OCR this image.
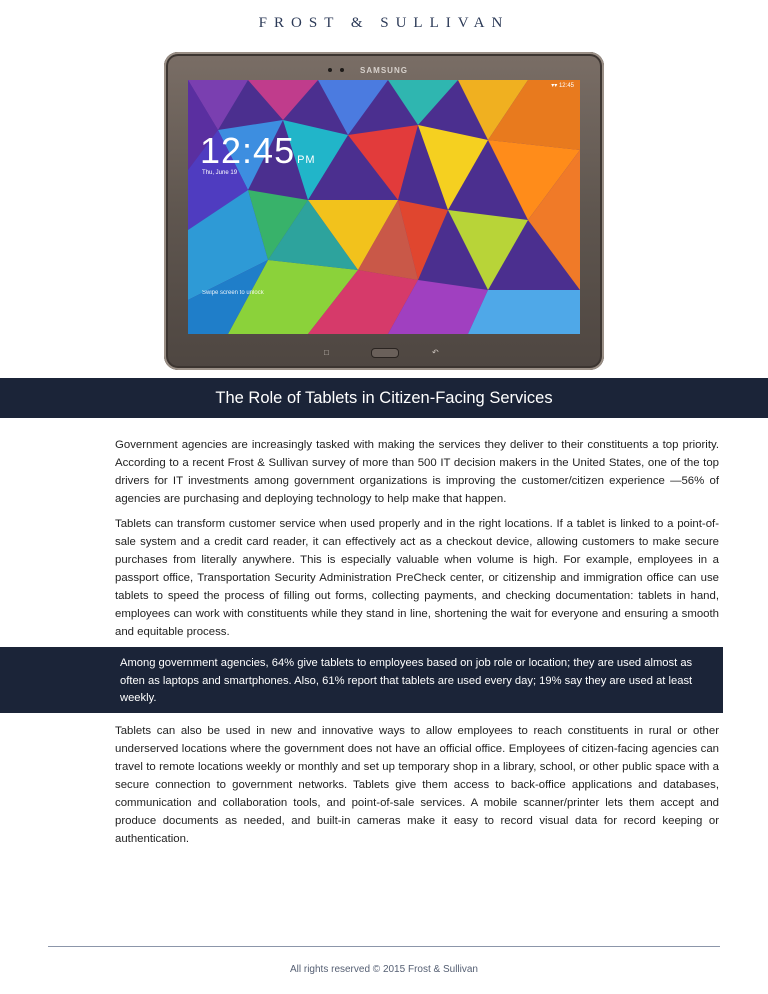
FROST & SULLIVAN
SAMSUNG
▾▾ 12:45
12:45 PM
Thu, June 19
Swipe screen to unlock
□	↶
The Role of Tablets in Citizen-Facing Services

Government agencies are increasingly tasked with making the services they deliver to their constituents a top priority. According to a recent Frost & Sullivan survey of more than 500 IT decision makers in the United States, one of the top drivers for IT investments among government organizations is improving the customer/citizen experience —56% of agencies are purchasing and deploying technology to help make that happen.

Tablets can transform customer service when used properly and in the right locations. If a tablet is linked to a point-of-sale system and a credit card reader, it can effectively act as a checkout device, allowing customers to make secure purchases from literally anywhere. This is especially valuable when volume is high. For example, employees in a passport office, Transportation Security Administration PreCheck center, or citizenship and immigration office can use tablets to speed the process of filling out forms, collecting payments, and checking documentation: tablets in hand, employees can work with constituents while they stand in line, shortening the wait for everyone and ensuring a smooth and equitable process.

Among government agencies, 64% give tablets to employees based on job role or location; they are used almost as often as laptops and smartphones. Also, 61% report that tablets are used every day; 19% say they are used at least weekly.

Tablets can also be used in new and innovative ways to allow employees to reach constituents in rural or other underserved locations where the government does not have an official office. Employees of citizen-facing agencies can travel to remote locations weekly or monthly and set up temporary shop in a library, school, or other public space with a secure connection to government networks. Tablets give them access to back-office applications and databases, communication and collaboration tools, and point-of-sale services. A mobile scanner/printer lets them accept and produce documents as needed, and built-in cameras make it easy to record visual data for record keeping or authentication.

All rights reserved © 2015 Frost & Sullivan
